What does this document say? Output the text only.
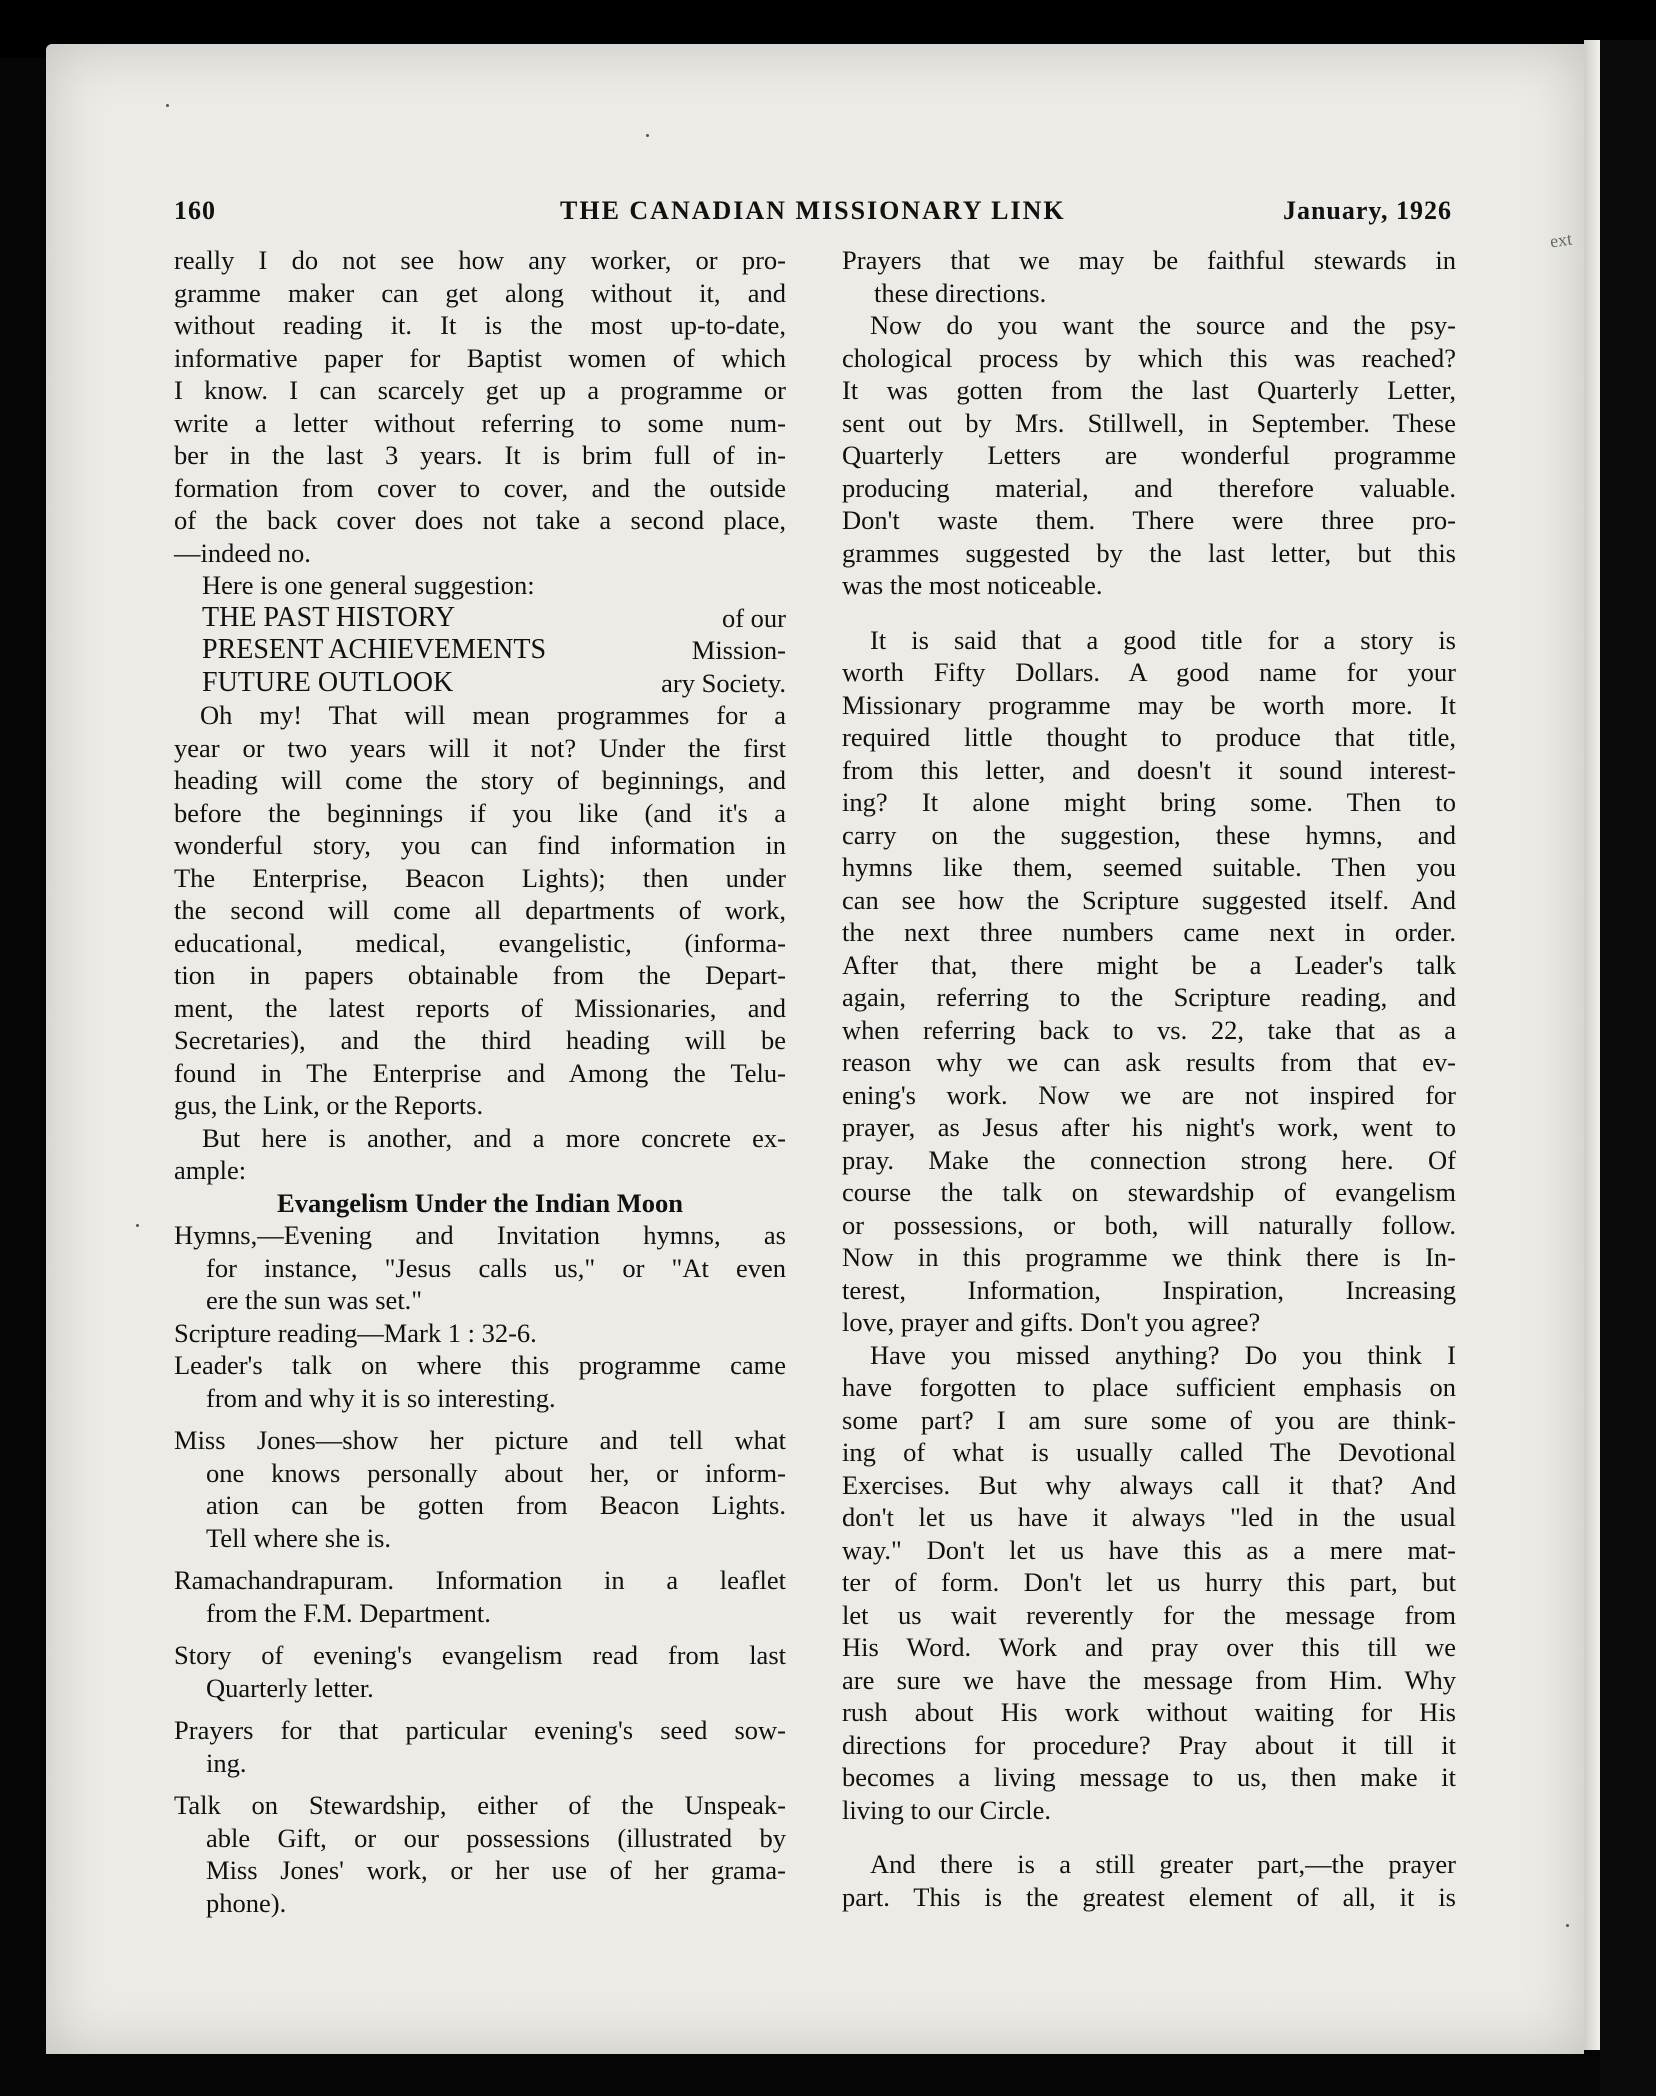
ext
160	THE CANADIAN MISSIONARY LINK	January, 1926
really I do not see how any worker, or pro-
gramme maker can get along without it, and
without reading it. It is the most up-to-date,
informative paper for Baptist women of which
I know. I can scarcely get up a programme or
write a letter without referring to some num-
ber in the last 3 years. It is brim full of in-
formation from cover to cover, and the outside
of the back cover does not take a second place,
—indeed no.
Here is one general suggestion:
THE PAST HISTORY	of our
PRESENT ACHIEVEMENTS	Mission-
FUTURE OUTLOOK	ary Society.
Oh my! That will mean programmes for a
year or two years will it not? Under the first
heading will come the story of beginnings, and
before the beginnings if you like (and it's a
wonderful story, you can find information in
The Enterprise, Beacon Lights); then under
the second will come all departments of work,
educational, medical, evangelistic, (informa-
tion in papers obtainable from the Depart-
ment, the latest reports of Missionaries, and
Secretaries), and the third heading will be
found in The Enterprise and Among the Telu-
gus, the Link, or the Reports.
But here is another, and a more concrete ex-
ample:
Evangelism Under the Indian Moon
Hymns,—Evening and Invitation hymns, as
for instance, "Jesus calls us," or "At even
ere the sun was set."
Scripture reading—Mark 1 : 32-6.
Leader's talk on where this programme came
from and why it is so interesting.
Miss Jones—show her picture and tell what
one knows personally about her, or inform-
ation can be gotten from Beacon Lights.
Tell where she is.
Ramachandrapuram. Information in a leaflet
from the F.M. Department.
Story of evening's evangelism read from last
Quarterly letter.
Prayers for that particular evening's seed sow-
ing.
Talk on Stewardship, either of the Unspeak-
able Gift, or our possessions (illustrated by
Miss Jones' work, or her use of her grama-
phone).
Prayers that we may be faithful stewards in
these directions.
Now do you want the source and the psy-
chological process by which this was reached?
It was gotten from the last Quarterly Letter,
sent out by Mrs. Stillwell, in September. These
Quarterly Letters are wonderful programme
producing material, and therefore valuable.
Don't waste them. There were three pro-
grammes suggested by the last letter, but this
was the most noticeable.
It is said that a good title for a story is
worth Fifty Dollars. A good name for your
Missionary programme may be worth more. It
required little thought to produce that title,
from this letter, and doesn't it sound interest-
ing? It alone might bring some. Then to
carry on the suggestion, these hymns, and
hymns like them, seemed suitable. Then you
can see how the Scripture suggested itself. And
the next three numbers came next in order.
After that, there might be a Leader's talk
again, referring to the Scripture reading, and
when referring back to vs. 22, take that as a
reason why we can ask results from that ev-
ening's work. Now we are not inspired for
prayer, as Jesus after his night's work, went to
pray. Make the connection strong here. Of
course the talk on stewardship of evangelism
or possessions, or both, will naturally follow.
Now in this programme we think there is In-
terest, Information, Inspiration, Increasing
love, prayer and gifts. Don't you agree?
Have you missed anything? Do you think I
have forgotten to place sufficient emphasis on
some part? I am sure some of you are think-
ing of what is usually called The Devotional
Exercises. But why always call it that? And
don't let us have it always "led in the usual
way." Don't let us have this as a mere mat-
ter of form. Don't let us hurry this part, but
let us wait reverently for the message from
His Word. Work and pray over this till we
are sure we have the message from Him. Why
rush about His work without waiting for His
directions for procedure? Pray about it till it
becomes a living message to us, then make it
living to our Circle.
And there is a still greater part,—the prayer
part. This is the greatest element of all, it is
